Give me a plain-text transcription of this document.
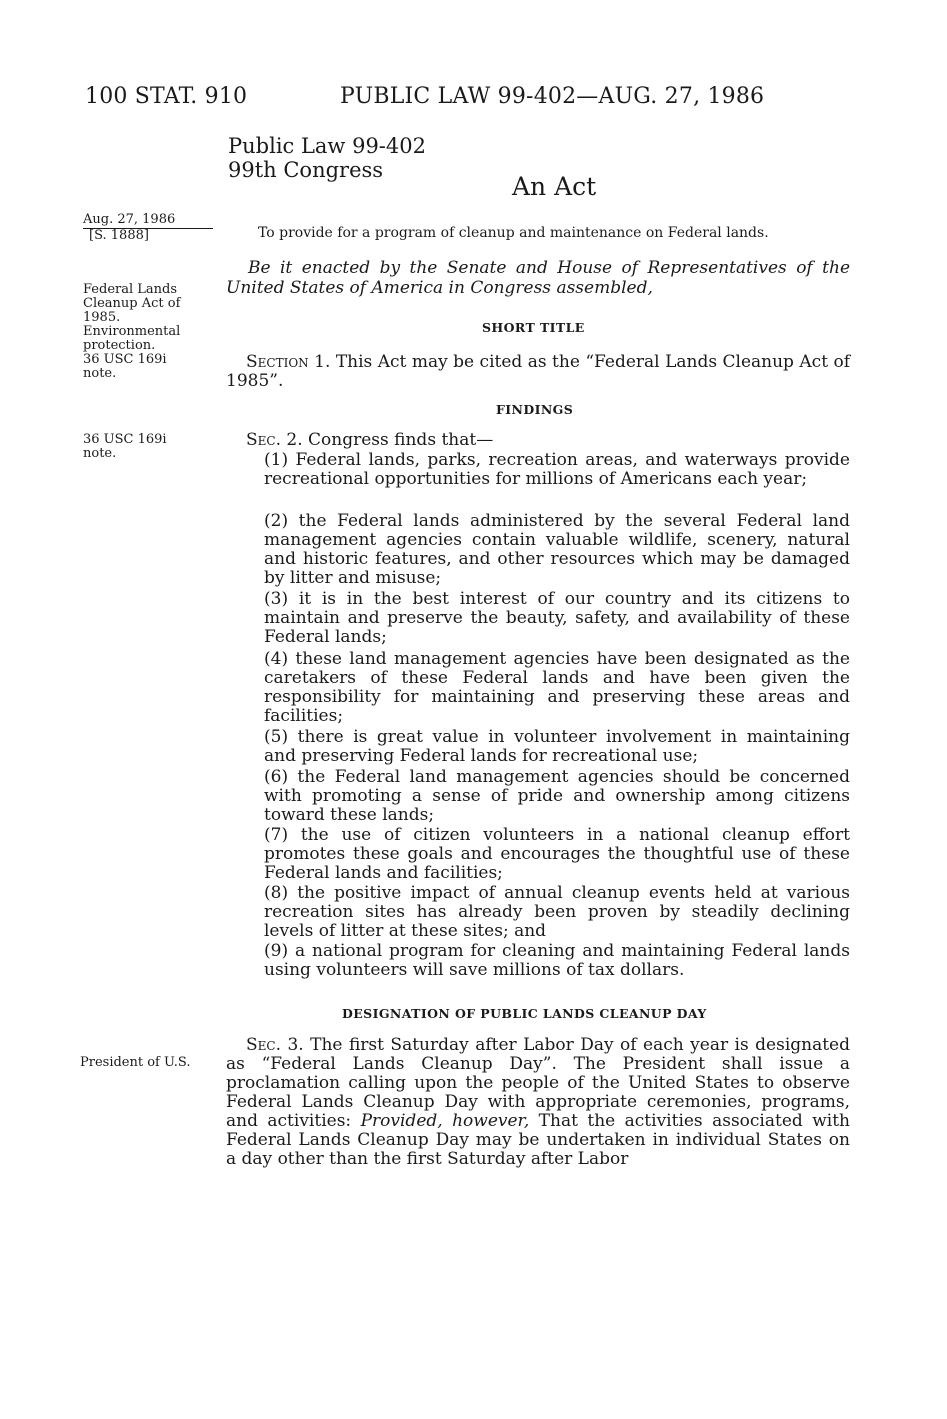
100 STAT. 910	PUBLIC LAW 99-402—AUG. 27, 1986
Public Law 99-402
99th Congress
An Act
Aug. 27, 1986
[S. 1888]	To provide for a program of cleanup and maintenance on Federal lands.
Federal Lands
Cleanup Act of
1985.
Environmental
protection.
36 USC 169i
note.
Be it enacted by the Senate and House of Representatives of the United States of America in Congress assembled,
SHORT TITLE
Section 1. This Act may be cited as the “Federal Lands Cleanup Act of 1985”.
FINDINGS
36 USC 169i
note.
Sec. 2. Congress finds that—
(1) Federal lands, parks, recreation areas, and waterways provide recreational opportunities for millions of Americans each year;
(2) the Federal lands administered by the several Federal land management agencies contain valuable wildlife, scenery, natural and historic features, and other resources which may be damaged by litter and misuse;
(3) it is in the best interest of our country and its citizens to maintain and preserve the beauty, safety, and availability of these Federal lands;
(4) these land management agencies have been designated as the caretakers of these Federal lands and have been given the responsibility for maintaining and preserving these areas and facilities;
(5) there is great value in volunteer involvement in maintaining and preserving Federal lands for recreational use;
(6) the Federal land management agencies should be concerned with promoting a sense of pride and ownership among citizens toward these lands;
(7) the use of citizen volunteers in a national cleanup effort promotes these goals and encourages the thoughtful use of these Federal lands and facilities;
(8) the positive impact of annual cleanup events held at various recreation sites has already been proven by steadily declining levels of litter at these sites; and
(9) a national program for cleaning and maintaining Federal lands using volunteers will save millions of tax dollars.
DESIGNATION OF PUBLIC LANDS CLEANUP DAY
President of U.S.
Sec. 3. The first Saturday after Labor Day of each year is designated as “Federal Lands Cleanup Day”. The President shall issue a proclamation calling upon the people of the United States to observe Federal Lands Cleanup Day with appropriate ceremonies, programs, and activities: Provided, however, That the activities associated with Federal Lands Cleanup Day may be undertaken in individual States on a day other than the first Saturday after Labor
